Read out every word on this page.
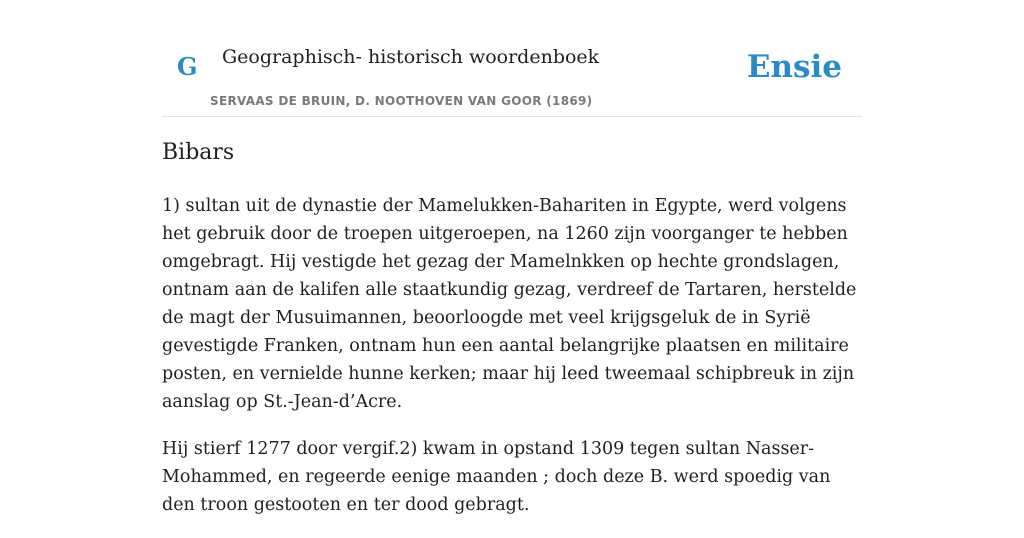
G Geographisch- historisch woordenboek
SERVAAS DE BRUIN, D. NOOTHOVEN VAN GOOR (1869)
Ensie
Bibars

1) sultan uit de dynastie der Mamelukken-Bahariten in Egypte, werd volgens het gebruik door de troepen uitgeroepen, na 1260 zijn voorganger te hebben omgebragt. Hij vestigde het gezag der Mamelnkken op hechte grondslagen, ontnam aan de kalifen alle staatkundig gezag, verdreef de Tartaren, herstelde de magt der Musuimannen, beoorloogde met veel krijgsgeluk de in Syrië gevestigde Franken, ontnam hun een aantal belangrijke plaatsen en militaire posten, en vernielde hunne kerken; maar hij leed tweemaal schipbreuk in zijn aanslag op St.-Jean-d’Acre.

Hij stierf 1277 door vergif.2) kwam in opstand 1309 tegen sultan Nasser-Mohammed, en regeerde eenige maanden ; doch deze B. werd spoedig van den troon gestooten en ter dood gebragt.
